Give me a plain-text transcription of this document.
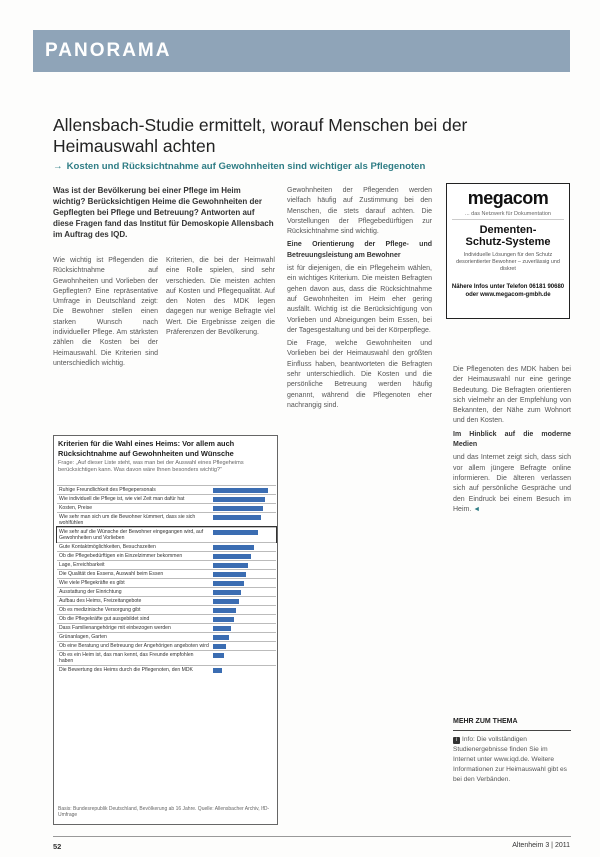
PANORAMA
Allensbach-Studie ermittelt, worauf Menschen bei der Heimauswahl achten
→ Kosten und Rücksichtnahme auf Gewohnheiten sind wichtiger als Pflegenoten
Was ist der Bevölkerung bei einer Pflege im Heim wichtig? Berücksichtigen Heime die Gewohnheiten der Gepflegten bei Pflege und Betreuung? Antworten auf diese Fragen fand das Institut für Demoskopie Allensbach im Auftrag des IQD.

Wie wichtig ist Pflegenden die Rücksichtnahme auf Gewohnheiten und Vorlieben der Gepflegten? Eine repräsentative Umfrage in Deutschland zeigt: Die Bewohner stellen einen starken Wunsch nach individueller Pflege. Am stärksten zählen die Kosten bei der Heimauswahl. Die Kriterien sind unterschiedlich wichtig.

Kriterien, die bei der Heimwahl eine Rolle spielen, sind sehr verschieden. Die meisten achten auf Kosten und Pflegequalität. Auf den Noten des MDK legen dagegen nur wenige Befragte viel Wert. Die Ergebnisse zeigen die Präferenzen der Bevölkerung.

Gewohnheiten der Pflegenden werden vielfach häufig auf Zustimmung bei den Menschen, die stets darauf achten. Die Vorstellungen der Pflegebedürftigen zur Rücksichtnahme sind wichtig.

Eine Orientierung der Pflege- und Betreuungsleistung am Bewohner

ist für diejenigen, die ein Pflegeheim wählen, ein wichtiges Kriterium. Die meisten Befragten gehen davon aus, dass die Rücksichtnahme auf Gewohnheiten im Heim eher gering ausfällt. Wichtig ist die Berücksichtigung von Vorlieben und Abneigungen beim Essen, bei der Tagesgestaltung und bei der Körperpflege.

Die Frage, welche Gewohnheiten und Vorlieben bei der Heimauswahl den größten Einfluss haben, beantworteten die Befragten sehr unterschiedlich. Die Kosten und die persönliche Betreuung werden häufig genannt, während die Pflegenoten eher nachrangig sind.

megacom
... das Netzwerk für Dokumentation
Dementen-
Schutz-Systeme
Individuelle Lösungen für den Schutz desorientierter Bewohner – zuverlässig und diskret
Nähere Infos unter Telefon 06181 90680 oder www.megacom-gmbh.de

Die Pflegenoten des MDK haben bei der Heimauswahl nur eine geringe Bedeutung. Die Befragten orientieren sich vielmehr an der Empfehlung von Bekannten, der Nähe zum Wohnort und den Kosten.

Im Hinblick auf die moderne Medien

und das Internet zeigt sich, dass sich vor allem jüngere Befragte online informieren. Die älteren verlassen sich auf persönliche Gespräche und den Eindruck bei einem Besuch im Heim. ◄

Kriterien für die Wahl eines Heims: Vor allem auch Rücksichtnahme auf Gewohnheiten und Wünsche
Frage: „Auf dieser Liste steht, was man bei der Auswahl eines Pflegeheims berücksichtigen kann. Was davon wäre Ihnen besonders wichtig?“
Ruhige Freundlichkeit des Pflegepersonals
Wie individuell die Pflege ist, wie viel Zeit man dafür hat
Kosten, Preise
Wie sehr man sich um die Bewohner kümmert, dass sie sich wohlfühlen
Wie sehr auf die Wünsche der Bewohner eingegangen wird, auf Gewohnheiten und Vorlieben
Gute Kontaktmöglichkeiten, Besuchszeiten
Ob die Pflegebedürftigen ein Einzelzimmer bekommen
Lage, Erreichbarkeit
Die Qualität des Essens, Auswahl beim Essen
Wie viele Pflegekräfte es gibt
Ausstattung der Einrichtung
Aufbau des Heims, Freizeitangebote
Ob es medizinische Versorgung gibt
Ob die Pflegekräfte gut ausgebildet sind
Dass Familienangehörige mit einbezogen werden
Grünanlagen, Garten
Ob eine Beratung und Betreuung der Angehörigen angeboten wird
Ob es ein Heim ist, das man kennt, das Freunde empfohlen haben
Die Bewertung des Heims durch die Pflegenoten, den MDK
Basis: Bundesrepublik Deutschland, Bevölkerung ab 16 Jahre. Quelle: Allensbacher Archiv, IfD-Umfrage
MEHR ZUM THEMA
i Info: Die vollständigen Studienergebnisse finden Sie im Internet unter www.iqd.de. Weitere Informationen zur Heimauswahl gibt es bei den Verbänden.
52	Altenheim 3 | 2011
